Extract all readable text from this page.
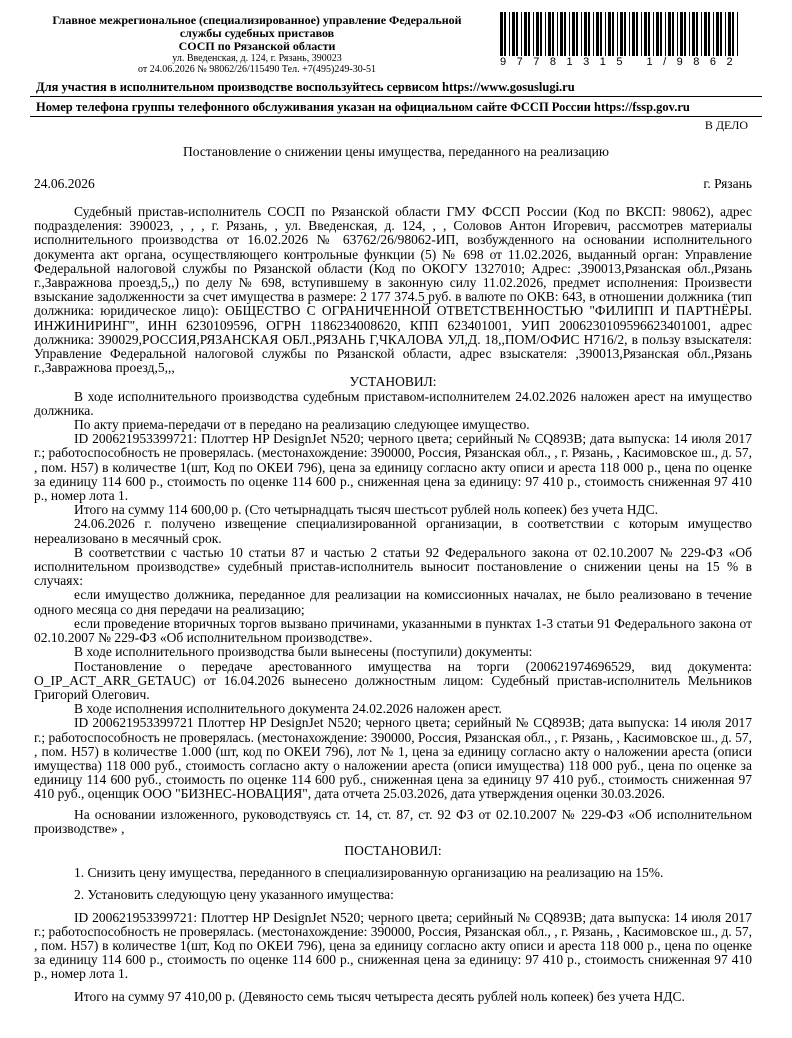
Главное межрегиональное (специализированное) управление Федеральной
службы судебных приставов
СОСП по Рязанской области
ул. Введенская, д. 124, г. Рязань, 390023
от 24.06.2026 № 98062/26/115490 Тел. +7(495)249-30-51
97781315 1/9862
Для участия в исполнительном производстве воспользуйтесь сервисом https://www.gosuslugi.ru
Номер телефона группы телефонного обслуживания указан на официальном сайте ФССП России https://fssp.gov.ru
В ДЕЛО
Постановление о снижении цены имущества, переданного на реализацию
24.06.2026	г. Рязань

Судебный пристав-исполнитель СОСП по Рязанской области ГМУ ФССП России (Код по ВКСП: 98062), адрес подразделения: 390023, , , , г. Рязань, , ул. Введенская, д. 124, , , Соловов Антон Игоревич, рассмотрев материалы исполнительного производства от 16.02.2026 № 63762/26/98062-ИП, возбужденного на основании исполнительного документа акт органа, осуществляющего контрольные функции (5) № 698 от 11.02.2026, выданный орган: Управление Федеральной налоговой службы по Рязанской области (Код по ОКОГУ 1327010; Адрес: ,390013,Рязанская обл.,Рязань г.,Завражнова проезд,5,,) по делу № 698, вступившему в законную силу 11.02.2026, предмет исполнения: Произвести взыскание задолженности за счет имущества в размере: 2 177 374.5 руб. в валюте по ОКВ: 643, в отношении должника (тип должника: юридическое лицо): ОБЩЕСТВО С ОГРАНИЧЕННОЙ ОТВЕТСТВЕННОСТЬЮ "ФИЛИПП И ПАРТНЁРЫ. ИНЖИНИРИНГ", ИНН 6230109596, ОГРН 1186234008620, КПП 623401001, УИП 2006230109596623401001, адрес должника: 390029,РОССИЯ,РЯЗАНСКАЯ ОБЛ.,РЯЗАНЬ Г,ЧКАЛОВА УЛ,Д. 18,,ПОМ/ОФИС Н716/2, в пользу взыскателя: Управление Федеральной налоговой службы по Рязанской области, адрес взыскателя: ,390013,Рязанская обл.,Рязань г.,Завражнова проезд,5,,,

УСТАНОВИЛ:

В ходе исполнительного производства судебным приставом-исполнителем 24.02.2026 наложен арест на имущество должника.

По акту приема-передачи от в передано на реализацию следующее имущество.

ID 200621953399721: Плоттер HP DesignJet N520; черного цвета; серийный № CQ893B; дата выпуска: 14 июля 2017 г.; работоспособность не проверялась. (местонахождение: 390000, Россия, Рязанская обл., , г. Рязань, , Касимовское ш., д. 57, , пом. Н57) в количестве 1(шт, Код по ОКЕИ 796), цена за единицу согласно акту описи и ареста 118 000 р., цена по оценке за единицу 114 600 р., стоимость по оценке 114 600 р., сниженная цена за единицу: 97 410 р., стоимость сниженная 97 410 р., номер лота 1.

Итого на сумму 114 600,00 р. (Сто четырнадцать тысяч шестьсот рублей ноль копеек) без учета НДС.

24.06.2026 г. получено извещение специализированной организации, в соответствии с которым имущество нереализовано в месячный срок.

В соответствии с частью 10 статьи 87 и частью 2 статьи 92 Федерального закона от 02.10.2007 № 229-ФЗ «Об исполнительном производстве» судебный пристав-исполнитель выносит постановление о снижении цены на 15 % в случаях:

если имущество должника, переданное для реализации на комиссионных началах, не было реализовано в течение одного месяца со дня передачи на реализацию;

если проведение вторичных торгов вызвано причинами, указанными в пунктах 1-3 статьи 91 Федерального закона от 02.10.2007 № 229-ФЗ «Об исполнительном производстве».

В ходе исполнительного производства были вынесены (поступили) документы:

Постановление о передаче арестованного имущества на торги (200621974696529, вид документа: O_IP_ACT_ARR_GETAUC) от 16.04.2026 вынесено должностным лицом: Судебный пристав-исполнитель Мельников Григорий Олегович.

В ходе исполнения исполнительного документа 24.02.2026 наложен арест.

ID 200621953399721 Плоттер HP DesignJet N520; черного цвета; серийный № CQ893B; дата выпуска: 14 июля 2017 г.; работоспособность не проверялась. (местонахождение: 390000, Россия, Рязанская обл., , г. Рязань, , Касимовское ш., д. 57, , пом. Н57) в количестве 1.000 (шт, код по ОКЕИ 796), лот № 1, цена за единицу согласно акту о наложении ареста (описи имущества) 118 000 руб., стоимость согласно акту о наложении ареста (описи имущества) 118 000 руб., цена по оценке за единицу 114 600 руб., стоимость по оценке 114 600 руб., сниженная цена за единицу 97 410 руб., стоимость сниженная 97 410 руб., оценщик ООО "БИЗНЕС-НОВАЦИЯ", дата отчета 25.03.2026, дата утверждения оценки 30.03.2026.

На основании изложенного, руководствуясь ст. 14, ст. 87, ст. 92 ФЗ от 02.10.2007 № 229-ФЗ «Об исполнительном производстве» ,

ПОСТАНОВИЛ:

1. Снизить цену имущества, переданного в специализированную организацию на реализацию на 15%.

2. Установить следующую цену указанного имущества:

ID 200621953399721: Плоттер HP DesignJet N520; черного цвета; серийный № CQ893B; дата выпуска: 14 июля 2017 г.; работоспособность не проверялась. (местонахождение: 390000, Россия, Рязанская обл., , г. Рязань, , Касимовское ш., д. 57, , пом. Н57) в количестве 1(шт, Код по ОКЕИ 796), цена за единицу согласно акту описи и ареста 118 000 р., цена по оценке за единицу 114 600 р., стоимость по оценке 114 600 р., сниженная цена за единицу: 97 410 р., стоимость сниженная 97 410 р., номер лота 1.

Итого на сумму 97 410,00 р. (Девяносто семь тысяч четыреста десять рублей ноль копеек) без учета НДС.
